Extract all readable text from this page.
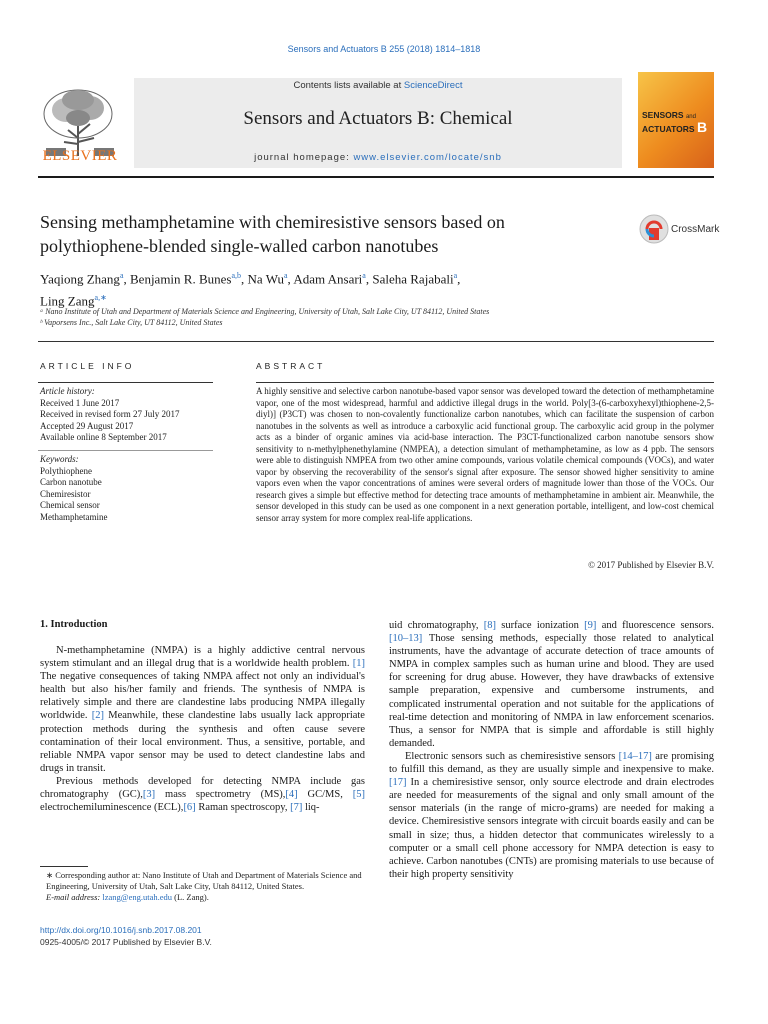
Sensors and Actuators B 255 (2018) 1814–1818
ELSEVIER
Contents lists available at ScienceDirect
Sensors and Actuators B: Chemical
journal homepage: www.elsevier.com/locate/snb
SENSORS and
ACTUATORS B
Sensing methamphetamine with chemiresistive sensors based on
polythiophene-blended single-walled carbon nanotubes
CrossMark
Yaqiong Zhang$^a$, Benjamin R. Bunes$^{a,b}$, Na Wu$^a$, Adam Ansari$^a$, Saleha Rajabali$^a$,
Ling Zang$^{a,∗}$
ᵃ Nano Institute of Utah and Department of Materials Science and Engineering, University of Utah, Salt Lake City, UT 84112, United States
ᵇ Vaporsens Inc., Salt Lake City, UT 84112, United States
ARTICLE INFO
Article history:
Received 1 June 2017
Received in revised form 27 July 2017
Accepted 29 August 2017
Available online 8 September 2017
Keywords:
Polythiophene
Carbon nanotube
Chemiresistor
Chemical sensor
Methamphetamine
ABSTRACT
A highly sensitive and selective carbon nanotube-based vapor sensor was developed toward the detection of methamphetamine vapor, one of the most widespread, harmful and addictive illegal drugs in the world. Poly[3-(6-carboxyhexyl)thiophene-2,5-diyl)] (P3CT) was chosen to non-covalently functionalize carbon nanotubes, which can facilitate the suspension of carbon nanotubes in the solvents as well as introduce a carboxylic acid functional group. The carboxylic acid group in the polymer acts as a binder of organic amines via acid-base interaction. The P3CT-functionalized carbon nanotube sensors show sensitivity to n-methylphenethylamine (NMPEA), a detection simulant of methamphetamine, as low as 4 ppb. The sensors were able to distinguish NMPEA from two other amine compounds, various volatile chemical compounds (VOCs), and water vapor by observing the recoverability of the sensor's signal after exposure. The sensor showed higher sensitivity to amine vapors even when the vapor concentrations of amines were several orders of magnitude lower than those of the VOCs. Our research gives a simple but effective method for detecting trace amounts of methamphetamine in ambient air. Meanwhile, the sensor developed in this study can be used as one component in a next generation portable, intelligent, and low-cost chemical sensor array system for more complex real-life applications.
© 2017 Published by Elsevier B.V.
1. Introduction

N-methamphetamine (NMPA) is a highly addictive central nervous system stimulant and an illegal drug that is a worldwide health problem. [1] The negative consequences of taking NMPA affect not only an individual's health but also his/her family and friends. The synthesis of NMPA is relatively simple and there are clandestine labs producing NMPA illegally worldwide. [2] Meanwhile, these clandestine labs usually lack appropriate protection methods during the synthesis and often cause severe contamination of their local environment. Thus, a sensitive, portable, and reliable NMPA vapor sensor may be used to detect clandestine labs and drugs in transit.

Previous methods developed for detecting NMPA include gas chromatography (GC),[3] mass spectrometry (MS),[4] GC/MS, [5] electrochemiluminescence (ECL),[6] Raman spectroscopy, [7] liq-

uid chromatography, [8] surface ionization [9] and fluorescence sensors. [10–13] Those sensing methods, especially those related to analytical instruments, have the advantage of accurate detection of trace amounts of NMPA in complex samples such as human urine and blood. They are used for screening for drug abuse. However, they have drawbacks of extensive sample preparation, expensive and cumbersome instruments, and complicated instrumental operation and not suitable for the applications of real-time detection and monitoring of NMPA in law enforcement scenarios. Thus, a sensor for NMPA that is simple and affordable is still highly demanded.

Electronic sensors such as chemiresistive sensors [14–17] are promising to fulfill this demand, as they are usually simple and inexpensive to make. [17] In a chemiresistive sensor, only source electrode and drain electrodes are needed for measurements of the signal and only small amount of the sensor materials (in the range of micro-grams) are needed for making a device. Chemiresistive sensors integrate with circuit boards easily and can be small in size; thus, a hidden detector that communicates wirelessly to a computer or a small cell phone accessory for NMPA detection is easy to achieve. Carbon nanotubes (CNTs) are promising materials to use because of their high property sensitivity

∗ Corresponding author at: Nano Institute of Utah and Department of Materials Science and Engineering, University of Utah, Salt Lake City, Utah 84112, United States.
E-mail address: lzang@eng.utah.edu (L. Zang).
http://dx.doi.org/10.1016/j.snb.2017.08.201
0925-4005/© 2017 Published by Elsevier B.V.
